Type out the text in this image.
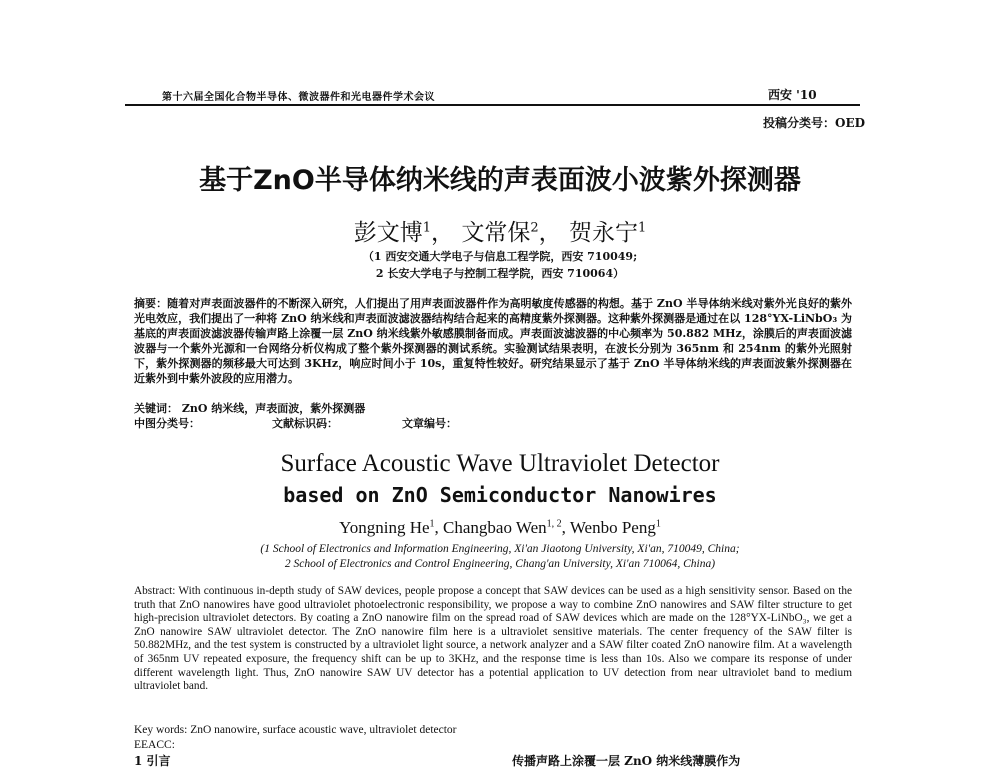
第十六届全国化合物半导体、微波器件和光电器件学术会议	西安 '10
投稿分类号：OED
基于ZnO半导体纳米线的声表面波小波紫外探测器
彭文博$^1$， 文常保$^2$， 贺永宁$^1$
（1 西安交通大学电子与信息工程学院，西安 710049;
2 长安大学电子与控制工程学院，西安 710064）
摘要：随着对声表面波器件的不断深入研究，人们提出了用声表面波器件作为高明敏度传感器的构想。基于 ZnO 半导体纳米线对紫外光良好的紫外光电效应，我们提出了一种将 ZnO 纳米线和声表面波滤波器结构结合起来的高精度紫外探测器。这种紫外探测器是通过在以 128°YX-LiNbO₃ 为基底的声表面波滤波器传输声路上涂覆一层 ZnO 纳米线紫外敏感膜制备而成。声表面波滤波器的中心频率为 50.882 MHz，涂膜后的声表面波滤波器与一个紫外光源和一台网络分析仪构成了整个紫外探测器的测试系统。实验测试结果表明，在波长分别为 365nm 和 254nm 的紫外光照射下，紫外探测器的频移最大可达到 3KHz，响应时间小于 10s，重复特性较好。研究结果显示了基于 ZnO 半导体纳米线的声表面波紫外探测器在近紫外到中紫外波段的应用潜力。
关键词： ZnO 纳米线，声表面波，紫外探测器
中图分类号：	文献标识码：	文章编号：
Surface Acoustic Wave Ultraviolet Detector
based on ZnO Semiconductor Nanowires
Yongning He$^1$, Changbao Wen$^{1, 2}$, Wenbo Peng$^1$
(1 School of Electronics and Information Engineering, Xi'an Jiaotong University, Xi'an, 710049, China;
2 School of Electronics and Control Engineering, Chang'an University, Xi'an 710064, China)
Abstract: With continuous in-depth study of SAW devices, people propose a concept that SAW devices can be used as a high sensitivity sensor. Based on the truth that ZnO nanowires have good ultraviolet photoelectronic responsibility, we propose a way to combine ZnO nanowires and SAW filter structure to get high-precision ultraviolet detectors. By coating a ZnO nanowire film on the spread road of SAW devices which are made on the 128°YX-LiNbO₃, we get a ZnO nanowire SAW ultraviolet detector. The ZnO nanowire film here is a ultraviolet sensitive materials. The center frequency of the SAW filter is 50.882MHz, and the test system is constructed by a ultraviolet light source, a network analyzer and a SAW filter coated ZnO nanowire film. At a wavelength of 365nm UV repeated exposure, the frequency shift can be up to 3KHz, and the response time is less than 10s. Also we compare its response of under different wavelength light. Thus, ZnO nanowire SAW UV detector has a potential application to UV detection from near ultraviolet band to medium ultraviolet band.
Key words: ZnO nanowire, surface acoustic wave, ultraviolet detector
EEACC:
1 引言	传播声路上涂覆一层 ZnO 纳米线薄膜作为
